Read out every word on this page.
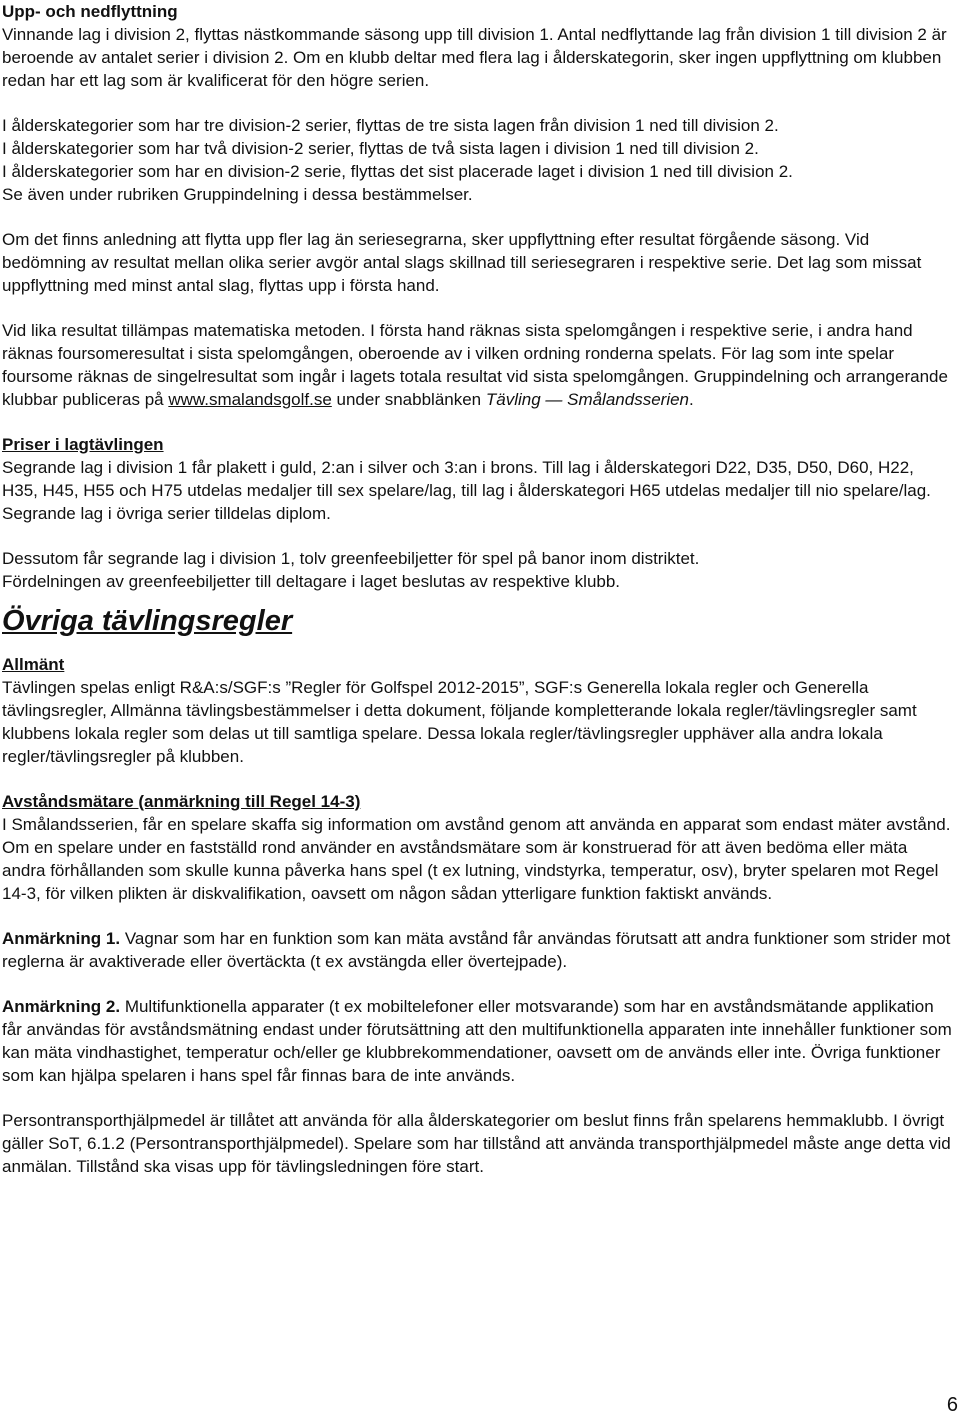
Upp- och nedflyttning

Vinnande lag i division 2, flyttas nästkommande säsong upp till division 1. Antal nedflyttande lag från division 1 till division 2 är beroende av antalet serier i division 2. Om en klubb deltar med flera lag i ålderskategorin, sker ingen uppflyttning om klubben redan har ett lag som är kvalificerat för den högre serien.

I ålderskategorier som har tre division-2 serier, flyttas de tre sista lagen från division 1 ned till division 2.

I ålderskategorier som har två division-2 serier, flyttas de två sista lagen i division 1 ned till division 2.

I ålderskategorier som har en division-2 serie, flyttas det sist placerade laget i division 1 ned till division 2.

Se även under rubriken Gruppindelning i dessa bestämmelser.

Om det finns anledning att flytta upp fler lag än seriesegrarna, sker uppflyttning efter resultat förgående säsong. Vid bedömning av resultat mellan olika serier avgör antal slags skillnad till seriesegraren i respektive serie. Det lag som missat uppflyttning med minst antal slag, flyttas upp i första hand.

Vid lika resultat tillämpas matematiska metoden. I första hand räknas sista spelomgången i respektive serie, i andra hand räknas foursomeresultat i sista spelomgången, oberoende av i vilken ordning ronderna spelats. För lag som inte spelar foursome räknas de singelresultat som ingår i lagets totala resultat vid sista spelomgången. Gruppindelning och arrangerande klubbar publiceras på www.smalandsgolf.se under snabblänken Tävling — Smålandsserien.

Priser i lagtävlingen

Segrande lag i division 1 får plakett i guld, 2:an i silver och 3:an i brons. Till lag i ålderskategori D22, D35, D50, D60, H22, H35, H45, H55 och H75 utdelas medaljer till sex spelare/lag, till lag i ålderskategori H65 utdelas medaljer till nio spelare/lag. Segrande lag i övriga serier tilldelas diplom.

Dessutom får segrande lag i division 1, tolv greenfeebiljetter för spel på banor inom distriktet.

Fördelningen av greenfeebiljetter till deltagare i laget beslutas av respektive klubb.

Övriga tävlingsregler

Allmänt

Tävlingen spelas enligt R&A:s/SGF:s ”Regler för Golfspel 2012-2015”, SGF:s Generella lokala regler och Generella tävlingsregler, Allmänna tävlingsbestämmelser i detta dokument, följande kompletterande lokala regler/tävlingsregler samt klubbens lokala regler som delas ut till samtliga spelare. Dessa lokala regler/tävlingsregler upphäver alla andra lokala regler/tävlingsregler på klubben.

Avståndsmätare (anmärkning till Regel 14-3)

I Smålandsserien, får en spelare skaffa sig information om avstånd genom att använda en apparat som endast mäter avstånd. Om en spelare under en fastställd rond använder en avståndsmätare som är konstruerad för att även bedöma eller mäta andra förhållanden som skulle kunna påverka hans spel (t ex lutning, vindstyrka, temperatur, osv), bryter spelaren mot Regel 14-3, för vilken plikten är diskvalifikation, oavsett om någon sådan ytterligare funktion faktiskt används.

Anmärkning 1. Vagnar som har en funktion som kan mäta avstånd får användas förutsatt att andra funktioner som strider mot reglerna är avaktiverade eller övertäckta (t ex avstängda eller övertejpade).

Anmärkning 2. Multifunktionella apparater (t ex mobiltelefoner eller motsvarande) som har en avståndsmätande applikation får användas för avståndsmätning endast under förutsättning att den multifunktionella apparaten inte innehåller funktioner som kan mäta vindhastighet, temperatur och/eller ge klubbrekommendationer, oavsett om de används eller inte. Övriga funktioner som kan hjälpa spelaren i hans spel får finnas bara de inte används.

Persontransporthjälpmedel är tillåtet att använda för alla ålderskategorier om beslut finns från spelarens hemmaklubb. I övrigt gäller SoT, 6.1.2 (Persontransporthjälpmedel). Spelare som har tillstånd att använda transporthjälpmedel måste ange detta vid anmälan. Tillstånd ska visas upp för tävlingsledningen före start.

6
